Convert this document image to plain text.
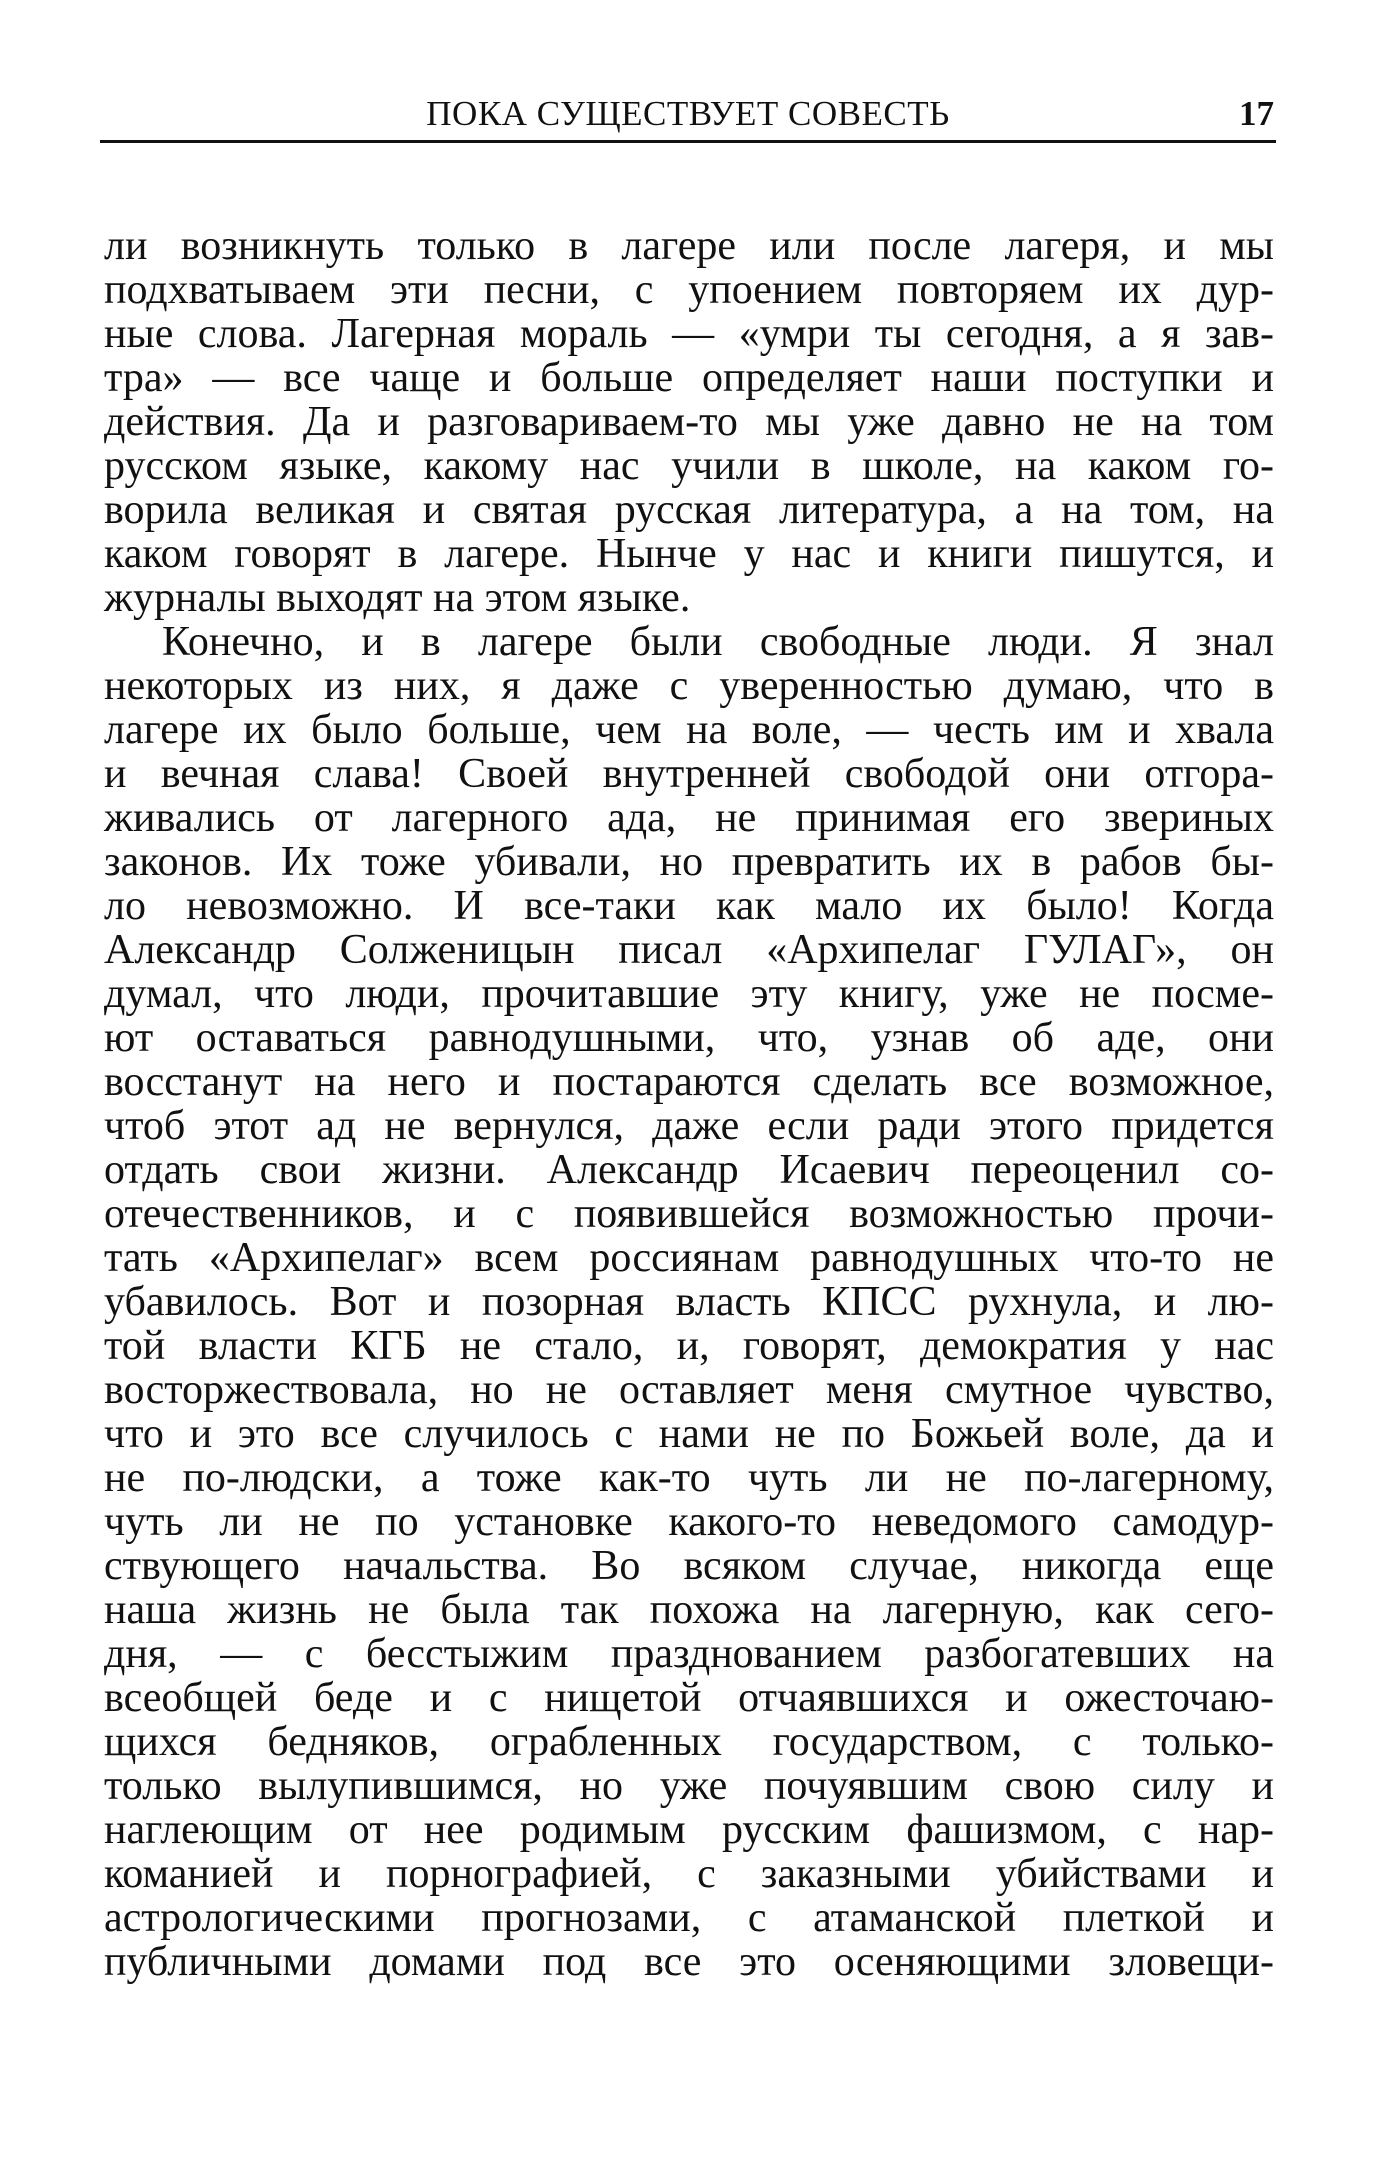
ПОКА СУЩЕСТВУЕТ СОВЕСТЬ	17
ли возникнуть только в лагере или после лагеря, и мы
подхватываем эти песни, с упоением повторяем их дур-
ные слова. Лагерная мораль — «умри ты сегодня, а я зав-
тра» — все чаще и больше определяет наши поступки и
действия. Да и разговариваем-то мы уже давно не на том
русском языке, какому нас учили в школе, на каком го-
ворила великая и святая русская литература, а на том, на
каком говорят в лагере. Нынче у нас и книги пишутся, и
журналы выходят на этом языке.
Конечно, и в лагере были свободные люди. Я знал
некоторых из них, я даже с уверенностью думаю, что в
лагере их было больше, чем на воле, — честь им и хвала
и вечная слава! Своей внутренней свободой они отгора-
живались от лагерного ада, не принимая его звериных
законов. Их тоже убивали, но превратить их в рабов бы-
ло невозможно. И все-таки как мало их было! Когда
Александр Солженицын писал «Архипелаг ГУЛАГ», он
думал, что люди, прочитавшие эту книгу, уже не посме-
ют оставаться равнодушными, что, узнав об аде, они
восстанут на него и постараются сделать все возможное,
чтоб этот ад не вернулся, даже если ради этого придется
отдать свои жизни. Александр Исаевич переоценил со-
отечественников, и с появившейся возможностью прочи-
тать «Архипелаг» всем россиянам равнодушных что-то не
убавилось. Вот и позорная власть КПСС рухнула, и лю-
той власти КГБ не стало, и, говорят, демократия у нас
восторжествовала, но не оставляет меня смутное чувство,
что и это все случилось с нами не по Божьей воле, да и
не по-людски, а тоже как-то чуть ли не по-лагерному,
чуть ли не по установке какого-то неведомого самодур-
ствующего начальства. Во всяком случае, никогда еще
наша жизнь не была так похожа на лагерную, как сего-
дня, — с бесстыжим празднованием разбогатевших на
всеобщей беде и с нищетой отчаявшихся и ожесточаю-
щихся бедняков, ограбленных государством, с только-
только вылупившимся, но уже почуявшим свою силу и
наглеющим от нее родимым русским фашизмом, с нар-
команией и порнографией, с заказными убийствами и
астрологическими прогнозами, с атаманской плеткой и
публичными домами под все это осеняющими зловещи-
